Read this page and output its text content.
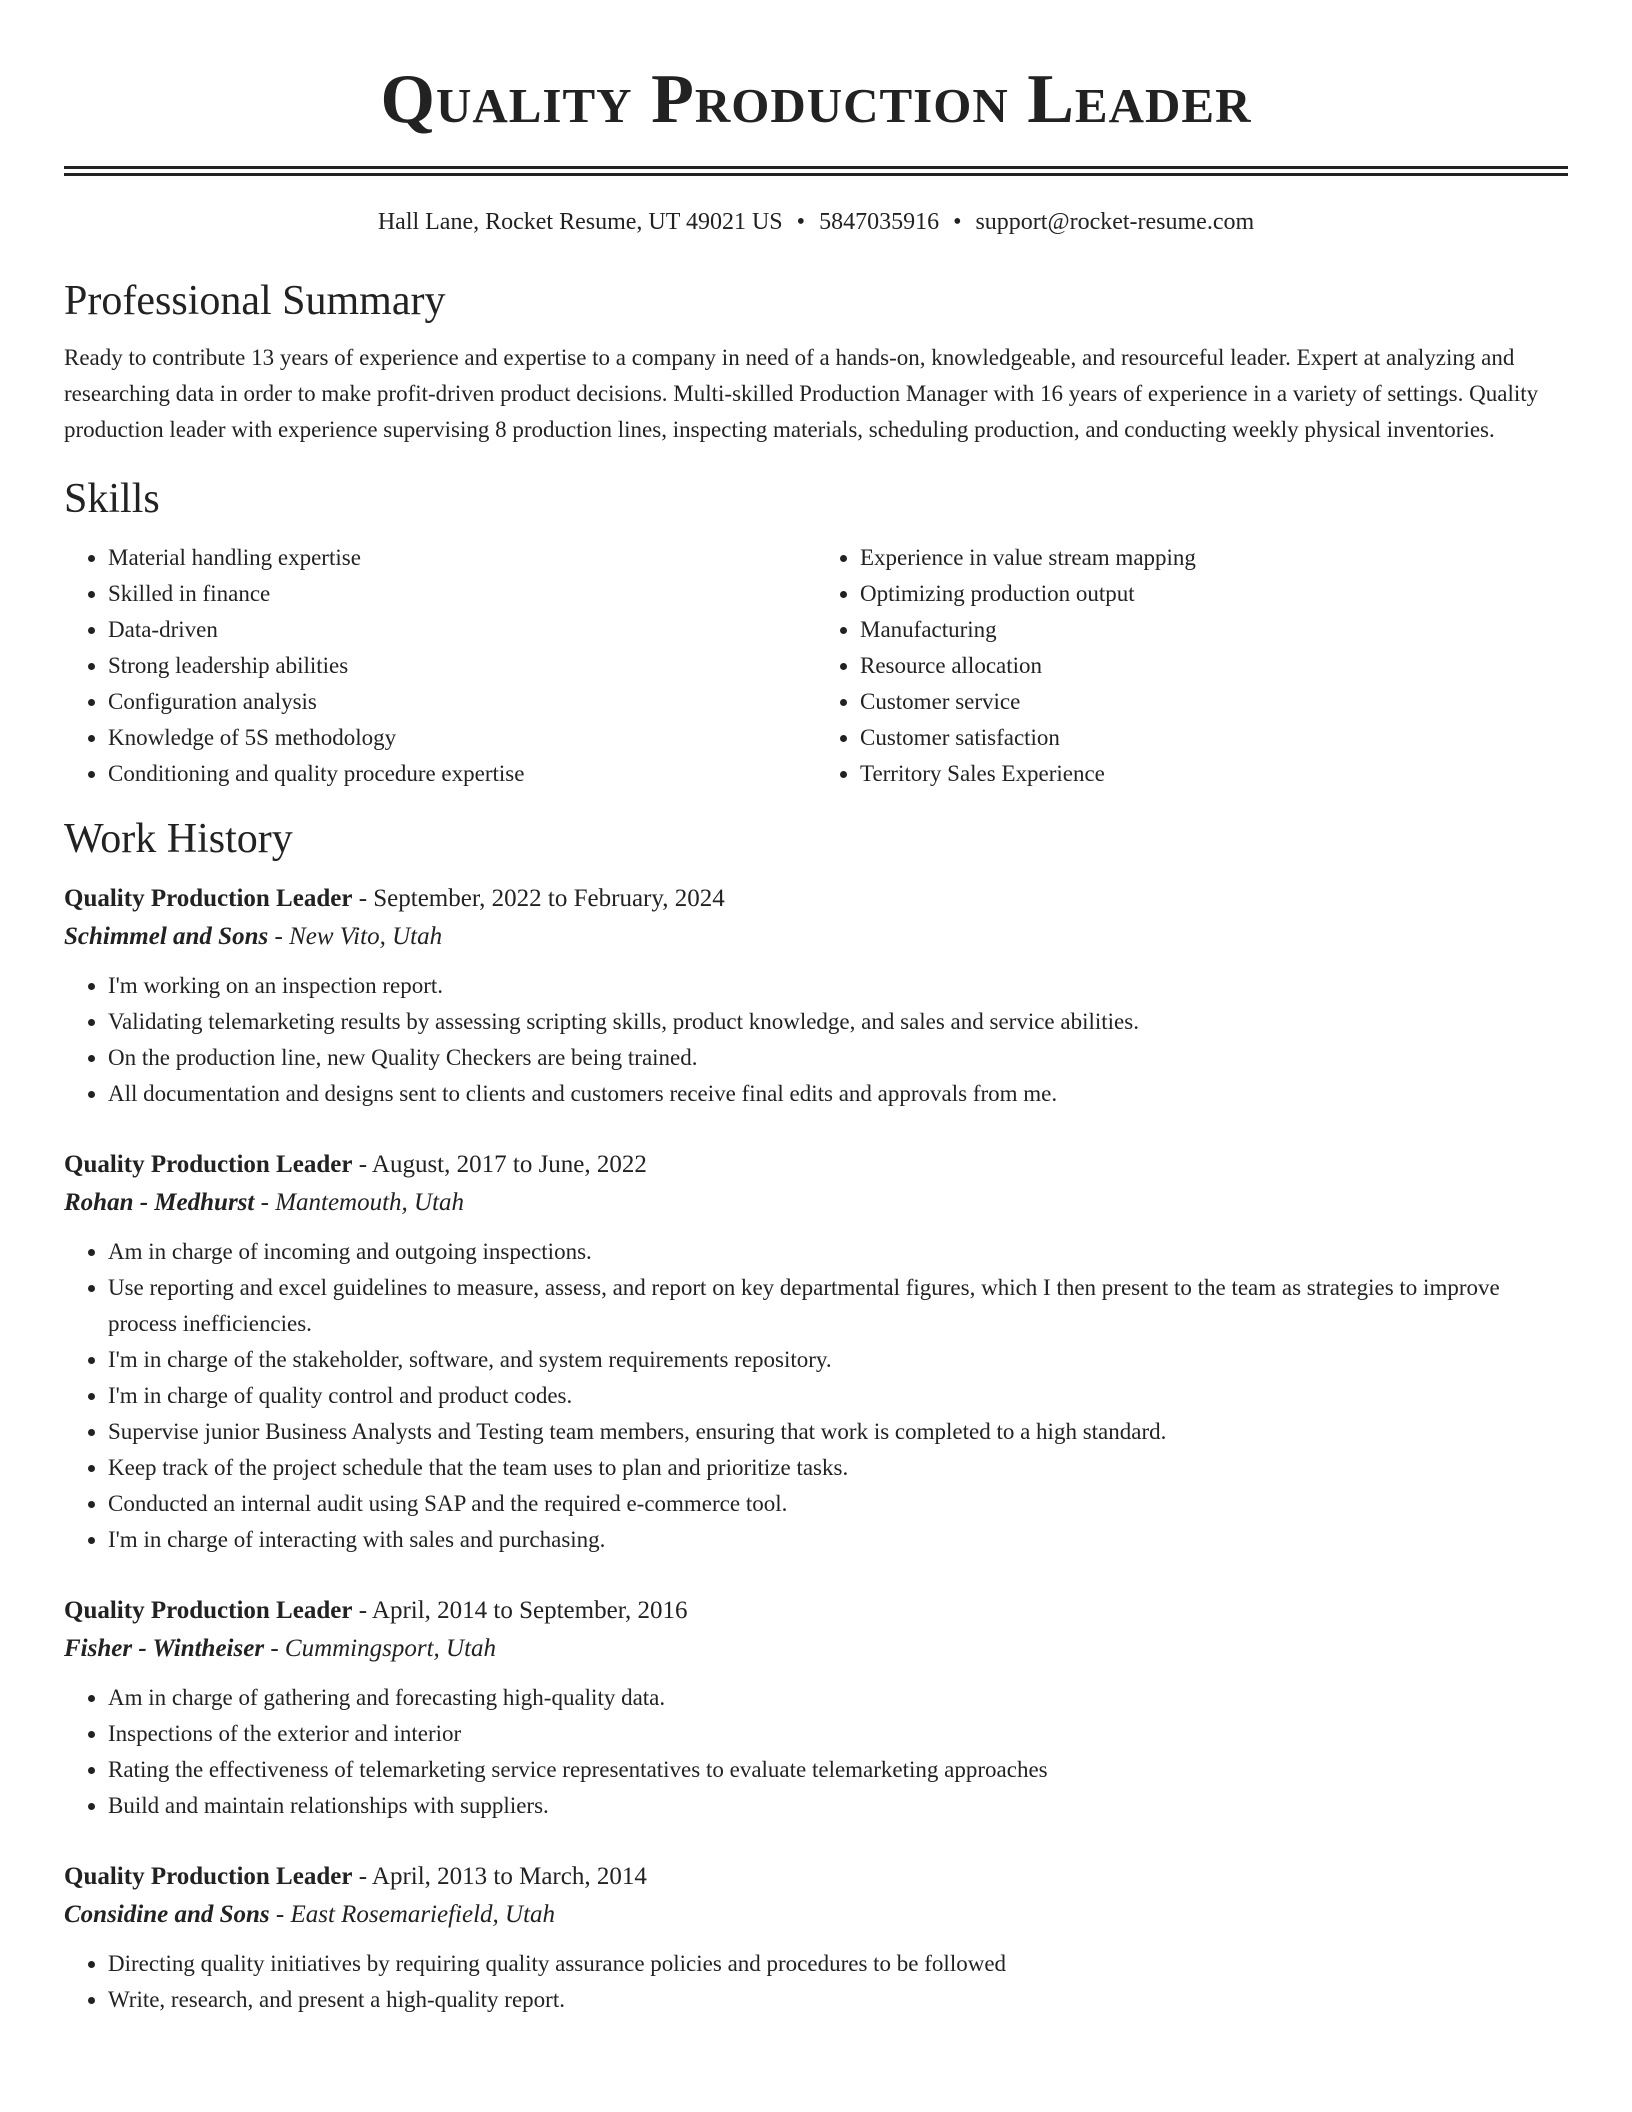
Quality Production Leader
Hall Lane, Rocket Resume, UT 49021 US • 5847035916 • support@rocket-resume.com
Professional Summary

Ready to contribute 13 years of experience and expertise to a company in need of a hands-on, knowledgeable, and resourceful leader. Expert at analyzing and researching data in order to make profit-driven product decisions. Multi-skilled Production Manager with 16 years of experience in a variety of settings. Quality production leader with experience supervising 8 production lines, inspecting materials, scheduling production, and conducting weekly physical inventories.

Skills
• Material handling expertise
• Skilled in finance
• Data-driven
• Strong leadership abilities
• Configuration analysis
• Knowledge of 5S methodology
• Conditioning and quality procedure expertise
• Experience in value stream mapping
• Optimizing production output
• Manufacturing
• Resource allocation
• Customer service
• Customer satisfaction
• Territory Sales Experience
Work History
Quality Production Leader - September, 2022 to February, 2024
Schimmel and Sons - New Vito, Utah
• I'm working on an inspection report.
• Validating telemarketing results by assessing scripting skills, product knowledge, and sales and service abilities.
• On the production line, new Quality Checkers are being trained.
• All documentation and designs sent to clients and customers receive final edits and approvals from me.
Quality Production Leader - August, 2017 to June, 2022
Rohan - Medhurst - Mantemouth, Utah
• Am in charge of incoming and outgoing inspections.
• Use reporting and excel guidelines to measure, assess, and report on key departmental figures, which I then present to the team as strategies to improve process inefficiencies.
• I'm in charge of the stakeholder, software, and system requirements repository.
• I'm in charge of quality control and product codes.
• Supervise junior Business Analysts and Testing team members, ensuring that work is completed to a high standard.
• Keep track of the project schedule that the team uses to plan and prioritize tasks.
• Conducted an internal audit using SAP and the required e-commerce tool.
• I'm in charge of interacting with sales and purchasing.
Quality Production Leader - April, 2014 to September, 2016
Fisher - Wintheiser - Cummingsport, Utah
• Am in charge of gathering and forecasting high-quality data.
• Inspections of the exterior and interior
• Rating the effectiveness of telemarketing service representatives to evaluate telemarketing approaches
• Build and maintain relationships with suppliers.
Quality Production Leader - April, 2013 to March, 2014
Considine and Sons - East Rosemariefield, Utah
• Directing quality initiatives by requiring quality assurance policies and procedures to be followed
• Write, research, and present a high-quality report.
